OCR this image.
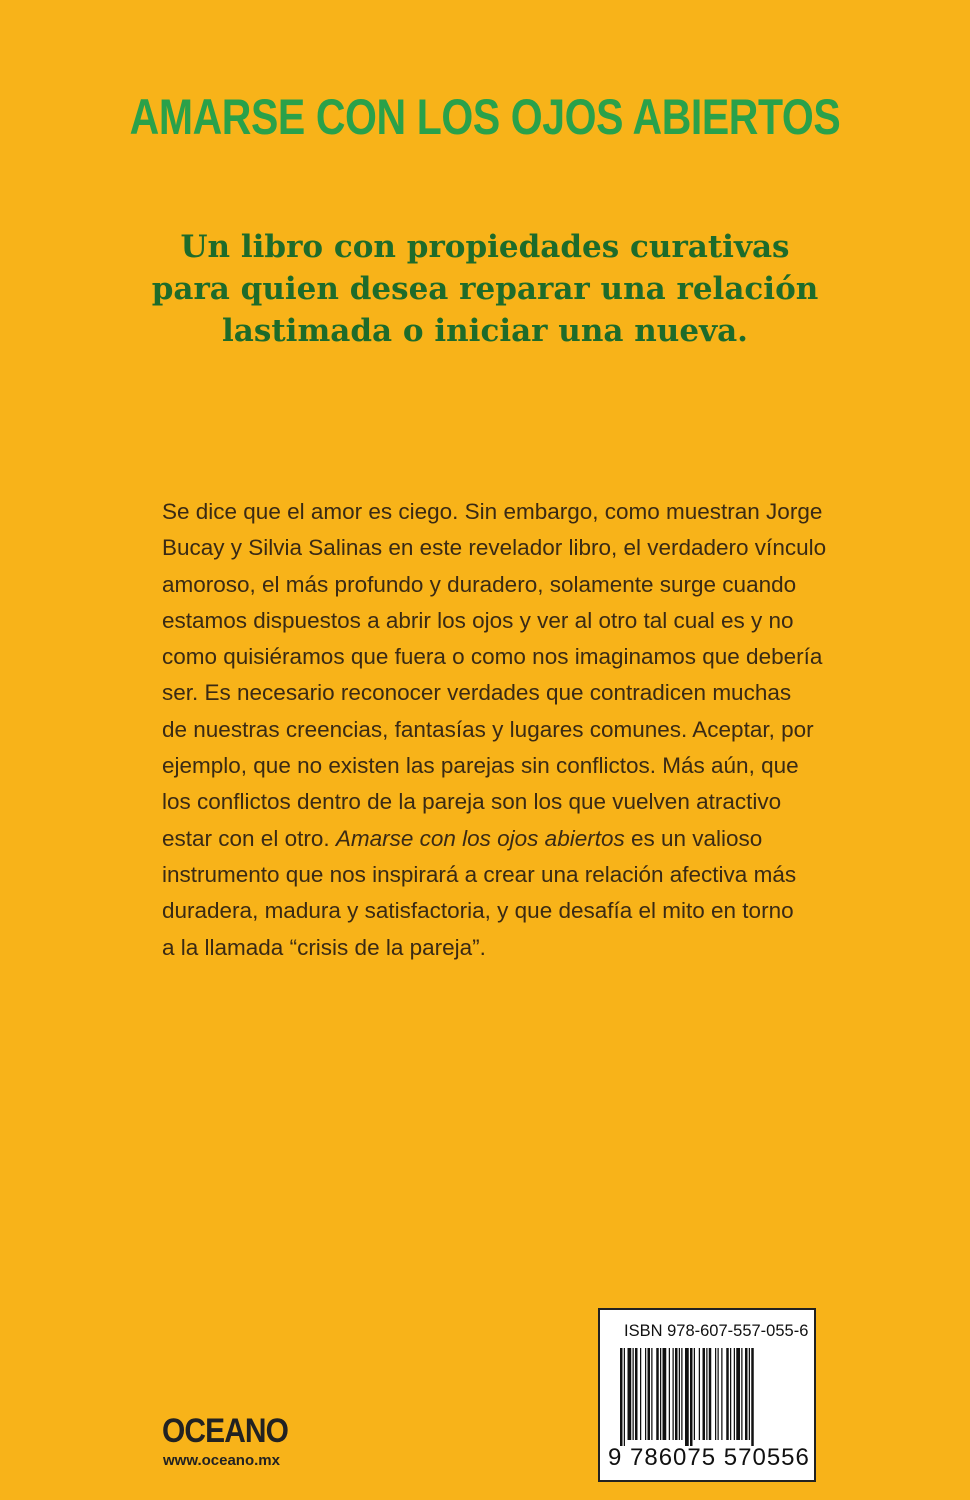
AMARSE CON LOS OJOS ABIERTOS
Un libro con propiedades curativas
para quien desea reparar una relación
lastimada o iniciar una nueva.
Se dice que el amor es ciego. Sin embargo, como muestran Jorge
Bucay y Silvia Salinas en este revelador libro, el verdadero vínculo
amoroso, el más profundo y duradero, solamente surge cuando
estamos dispuestos a abrir los ojos y ver al otro tal cual es y no
como quisiéramos que fuera o como nos imaginamos que debería
ser. Es necesario reconocer verdades que contradicen muchas
de nuestras creencias, fantasías y lugares comunes. Aceptar, por
ejemplo, que no existen las parejas sin conflictos. Más aún, que
los conflictos dentro de la pareja son los que vuelven atractivo
estar con el otro. Amarse con los ojos abiertos es un valioso
instrumento que nos inspirará a crear una relación afectiva más
duradera, madura y satisfactoria, y que desafía el mito en torno
a la llamada “crisis de la pareja”.
OCEANO
www.oceano.mx
ISBN 978-607-557-055-6
9 786075 570556
